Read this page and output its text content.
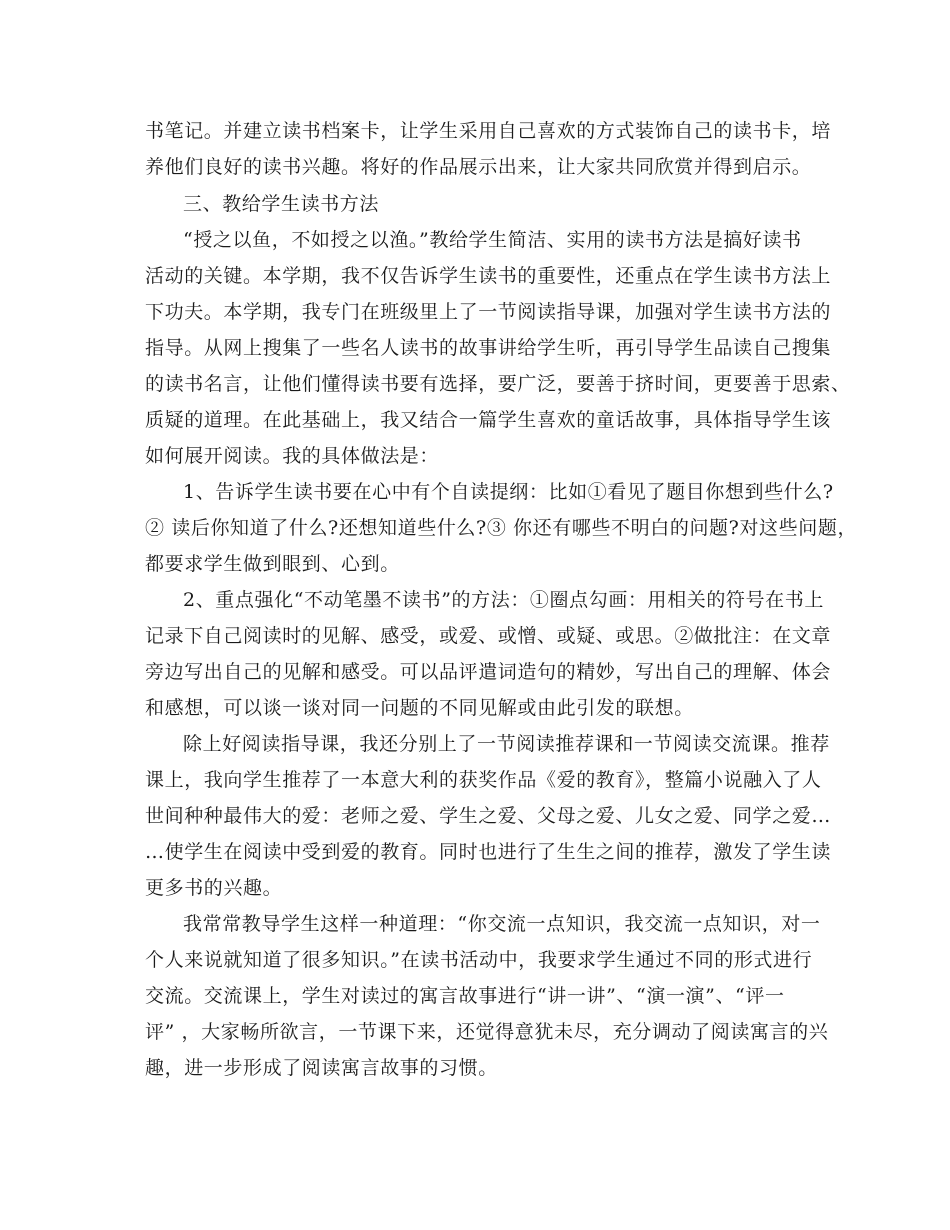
书笔记。并建立读书档案卡，让学生采用自己喜欢的方式装饰自己的读书卡，培

养他们良好的读书兴趣。将好的作品展示出来，让大家共同欣赏并得到启示。

三、教给学生读书方法

“授之以鱼，不如授之以渔。”教给学生简洁、实用的读书方法是搞好读书

活动的关键。本学期，我不仅告诉学生读书的重要性，还重点在学生读书方法上

下功夫。本学期，我专门在班级里上了一节阅读指导课，加强对学生读书方法的

指导。从网上搜集了一些名人读书的故事讲给学生听，再引导学生品读自己搜集

的读书名言，让他们懂得读书要有选择，要广泛，要善于挤时间，更要善于思索、

质疑的道理。在此基础上，我又结合一篇学生喜欢的童话故事，具体指导学生该

如何展开阅读。我的具体做法是：

1、告诉学生读书要在心中有个自读提纲：比如①看见了题目你想到些什么?

② 读后你知道了什么?还想知道些什么?③ 你还有哪些不明白的问题?对这些问题，

都要求学生做到眼到、心到。

2、重点强化“不动笔墨不读书”的方法：①圈点勾画：用相关的符号在书上

记录下自己阅读时的见解、感受，或爱、或憎、或疑、或思。②做批注：在文章

旁边写出自己的见解和感受。可以品评遣词造句的精妙，写出自己的理解、体会

和感想，可以谈一谈对同一问题的不同见解或由此引发的联想。

除上好阅读指导课，我还分别上了一节阅读推荐课和一节阅读交流课。推荐

课上，我向学生推荐了一本意大利的获奖作品《爱的教育》，整篇小说融入了人

世间种种最伟大的爱：老师之爱、学生之爱、父母之爱、儿女之爱、同学之爱…

…使学生在阅读中受到爱的教育。同时也进行了生生之间的推荐，激发了学生读

更多书的兴趣。

我常常教导学生这样一种道理：“你交流一点知识，我交流一点知识，对一

个人来说就知道了很多知识。”在读书活动中，我要求学生通过不同的形式进行

交流。交流课上，学生对读过的寓言故事进行“讲一讲”、“演一演”、“评一

评” ，大家畅所欲言，一节课下来，还觉得意犹未尽，充分调动了阅读寓言的兴

趣，进一步形成了阅读寓言故事的习惯。
